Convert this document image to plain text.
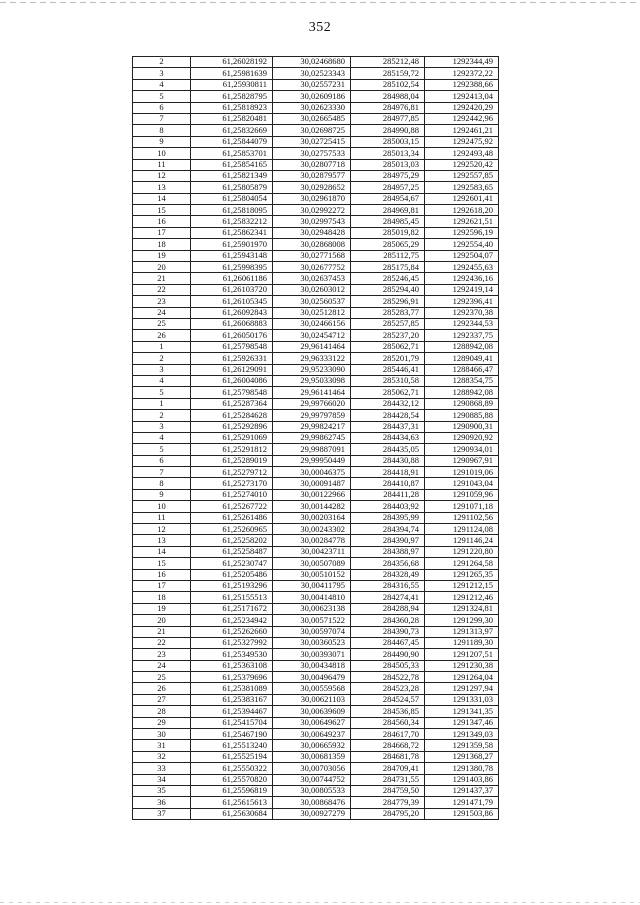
352
2	61,26028192	30,02468680	285212,48	1292344,49
3	61,25981639	30,02523343	285159,72	1292372,22
4	61,25930811	30,02557231	285102,54	1292388,66
5	61,25828795	30,02609186	284988,04	1292413,04
6	61,25818923	30,02623330	284976,81	1292420,29
7	61,25820481	30,02665485	284977,85	1292442,96
8	61,25832669	30,02698725	284990,88	1292461,21
9	61,25844079	30,02725415	285003,15	1292475,92
10	61,25853701	30,02757533	285013,34	1292493,48
11	61,25854165	30,02807718	285013,03	1292520,42
12	61,25821349	30,02879577	284975,29	1292557,85
13	61,25805879	30,02928652	284957,25	1292583,65
14	61,25804054	30,02961870	284954,67	1292601,41
15	61,25818095	30,02992272	284969,81	1292618,20
16	61,25832212	30,02997543	284985,45	1292621,51
17	61,25862341	30,02948428	285019,82	1292596,19
18	61,25901970	30,02868008	285065,29	1292554,40
19	61,25943148	30,02771568	285112,75	1292504,07
20	61,25998395	30,02677752	285175,84	1292455,63
21	61,26061186	30,02637453	285246,45	1292436,16
22	61,26103720	30,02603012	285294,40	1292419,14
23	61,26105345	30,02560537	285296,91	1292396,41
24	61,26092843	30,02512812	285283,77	1292370,38
25	61,26068883	30,02466156	285257,85	1292344,53
26	61,26050176	30,02454712	285237,20	1292337,75
1	61,25798548	29,96141464	285062,71	1288942,08
2	61,25926331	29,96333122	285201,79	1289049,41
3	61,26129091	29,95233090	285446,41	1288466,47
4	61,26004086	29,95033098	285310,58	1288354,75
5	61,25798548	29,96141464	285062,71	1288942,08
1	61,25287364	29,99766020	284432,12	1290868,89
2	61,25284628	29,99797859	284428,54	1290885,88
3	61,25292896	29,99824217	284437,31	1290900,31
4	61,25291069	29,99862745	284434,63	1290920,92
5	61,25291812	29,99887091	284435,05	1290934,01
6	61,25289019	29,99950449	284430,88	1290967,91
7	61,25279712	30,00046375	284418,91	1291019,06
8	61,25273170	30,00091487	284410,87	1291043,04
9	61,25274010	30,00122966	284411,28	1291059,96
10	61,25267722	30,00144282	284403,92	1291071,18
11	61,25261486	30,00203164	284395,99	1291102,56
12	61,25260965	30,00243302	284394,74	1291124,08
13	61,25258202	30,00284778	284390,97	1291146,24
14	61,25258487	30,00423711	284388,97	1291220,80
15	61,25230747	30,00507089	284356,68	1291264,58
16	61,25205486	30,00510152	284328,49	1291265,35
17	61,25193296	30,00411795	284316,55	1291212,15
18	61,25155513	30,00414810	284274,41	1291212,46
19	61,25171672	30,00623138	284288,94	1291324,81
20	61,25234942	30,00571522	284360,28	1291299,30
21	61,25262660	30,00597074	284390,73	1291313,97
22	61,25327992	30,00360523	284467,45	1291189,30
23	61,25349530	30,00393071	284490,90	1291207,51
24	61,25363108	30,00434818	284505,33	1291230,38
25	61,25379696	30,00496479	284522,78	1291264,04
26	61,25381089	30,00559568	284523,28	1291297,94
27	61,25383167	30,00621103	284524,57	1291331,03
28	61,25394467	30,00639609	284536,85	1291341,35
29	61,25415704	30,00649627	284560,34	1291347,46
30	61,25467190	30,00649237	284617,70	1291349,03
31	61,25513240	30,00665932	284668,72	1291359,58
32	61,25525194	30,00681359	284681,78	1291368,27
33	61,25550322	30,00703056	284709,41	1291380,78
34	61,25570820	30,00744752	284731,55	1291403,86
35	61,25596819	30,00805533	284759,50	1291437,37
36	61,25615613	30,00868476	284779,39	1291471,79
37	61,25630684	30,00927279	284795,20	1291503,86
